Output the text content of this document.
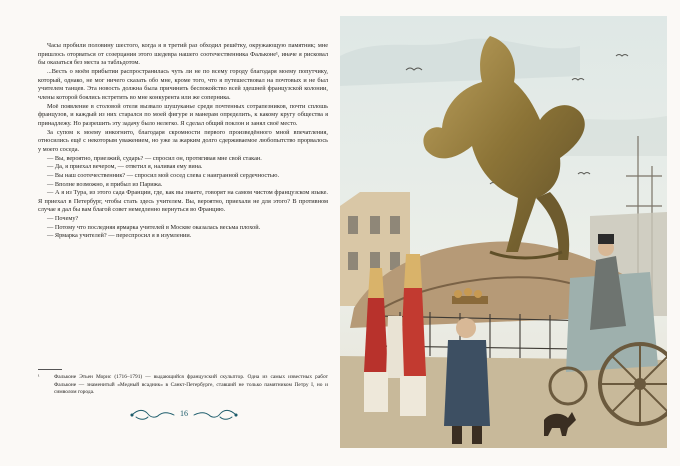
Часы пробили половину шестого, когда я в третий раз обходил решётку, окружающую памятник; мне пришлось оторваться от созерцания этого шедевра нашего соотечественника Фальконе¹, иначе я рисковал бы оказаться без места за табльдотом.

...Весть о моём прибытии распространилась чуть ли не по всему городу благодаря моему попутчику, который, однако, не мог ничего сказать обо мне, кроме того, что я путешествовал на почтовых и не был учителем танцев. Эта новость должна была причинить беспокойство всей здешней французской колонии, члены которой боялись встретить во мне конкурента или же соперника.

Моё появление в столовой отеля вызвало шушуканье среди почтенных сотрапезников, почти сплошь французов, и каждый из них старался по моей фигуре и манерам определить, к какому кругу общества я принадлежу. Но разрешить эту задачу было нелегко. Я сделал общий поклон и занял своё место.

За супом к моему инкогнито, благодаря скромности первого произведённого мной впечатления, относились ещё с некоторым уважением, но уже за жарким долго сдерживаемое любопытство прорвалось у моего соседа.

— Вы, вероятно, приезжий, сударь? — спросил он, протягивая мне свой стакан.

— Да, я приехал вечером, — ответил я, наливая ему вина.

— Вы наш соотечественник? — спросил мой сосед слева с наигранной сердечностью.

— Вполне возможно, я прибыл из Парижа.

— А я из Тура, из этого сада Франции, где, как вы знаете, говорят на самом чистом французском языке. Я приехал в Петербург, чтобы стать здесь учителем. Вы, вероятно, приехали не для этого? В противном случае я дал бы вам благой совет немедленно вернуться во Францию.

— Почему?

— Потому что последняя ярмарка учителей в Москве оказалась весьма плохой.

— Ярмарка учителей? — переспросил я в изумлении.

¹	Фальконе Этьен Морис (1716–1791) — выдающийся французский скульптор. Одна из самых известных работ Фальконе — знаменитый «Медный всадник» в Санкт-Петербурге, ставший не только памятником Петру I, но и символом города.
16
